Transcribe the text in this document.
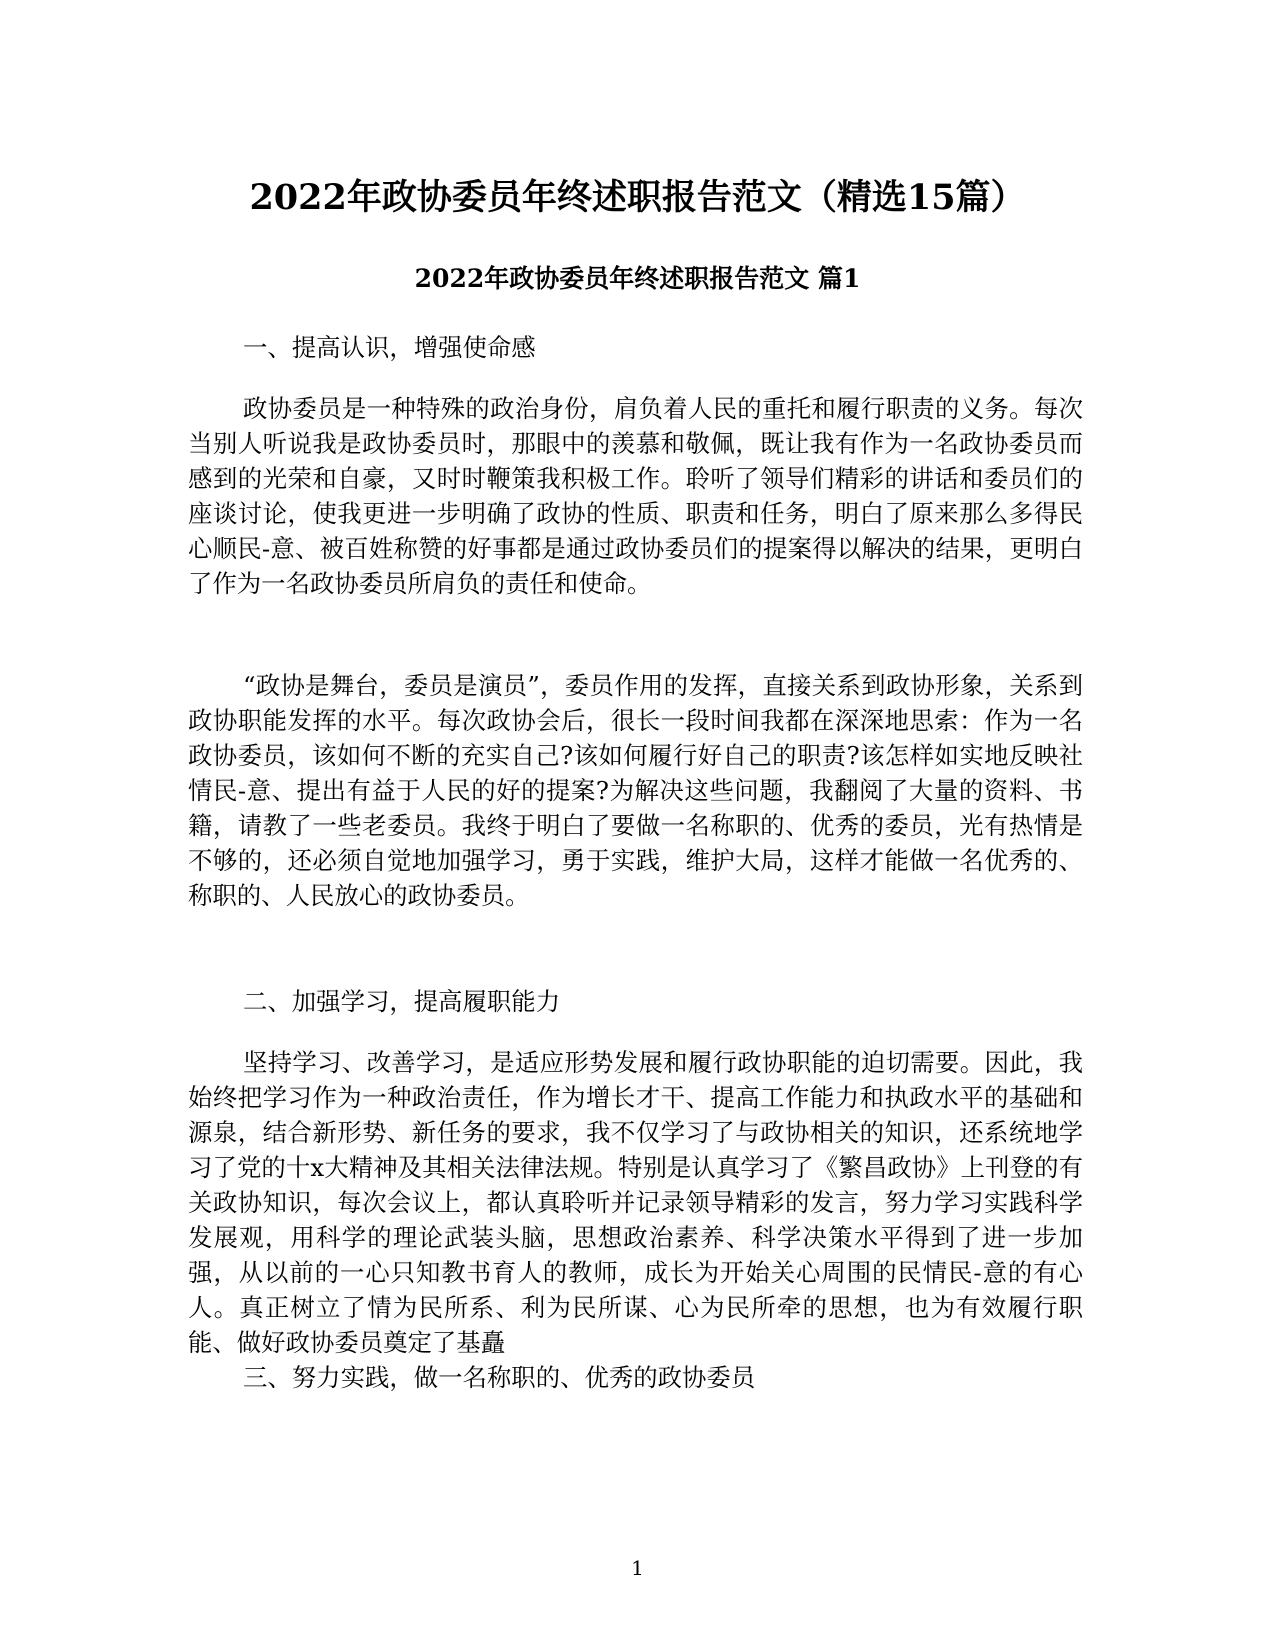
2022年政协委员年终述职报告范文（精选15篇）
2022年政协委员年终述职报告范文 篇1

一、提高认识，增强使命感

政协委员是一种特殊的政治身份，肩负着人民的重托和履行职责的义务。每次当别人听说我是政协委员时，那眼中的羡慕和敬佩，既让我有作为一名政协委员而感到的光荣和自豪，又时时鞭策我积极工作。聆听了领导们精彩的讲话和委员们的座谈讨论，使我更进一步明确了政协的性质、职责和任务，明白了原来那么多得民心顺民-意、被百姓称赞的好事都是通过政协委员们的提案得以解决的结果，更明白了作为一名政协委员所肩负的责任和使命。

“政协是舞台，委员是演员”，委员作用的发挥，直接关系到政协形象，关系到政协职能发挥的水平。每次政协会后，很长一段时间我都在深深地思索：作为一名政协委员，该如何不断的充实自己?该如何履行好自己的职责?该怎样如实地反映社情民-意、提出有益于人民的好的提案?为解决这些问题，我翻阅了大量的资料、书籍，请教了一些老委员。我终于明白了要做一名称职的、优秀的委员，光有热情是不够的，还必须自觉地加强学习，勇于实践，维护大局，这样才能做一名优秀的、称职的、人民放心的政协委员。

二、加强学习，提高履职能力

坚持学习、改善学习，是适应形势发展和履行政协职能的迫切需要。因此，我始终把学习作为一种政治责任，作为增长才干、提高工作能力和执政水平的基础和源泉，结合新形势、新任务的要求，我不仅学习了与政协相关的知识，还系统地学习了党的十x大精神及其相关法律法规。特别是认真学习了《繁昌政协》上刊登的有关政协知识，每次会议上，都认真聆听并记录领导精彩的发言，努力学习实践科学发展观，用科学的理论武装头脑，思想政治素养、科学决策水平得到了进一步加强，从以前的一心只知教书育人的教师，成长为开始关心周围的民情民-意的有心人。真正树立了情为民所系、利为民所谋、心为民所牵的思想，也为有效履行职能、做好政协委员奠定了基矗

三、努力实践，做一名称职的、优秀的政协委员

1
